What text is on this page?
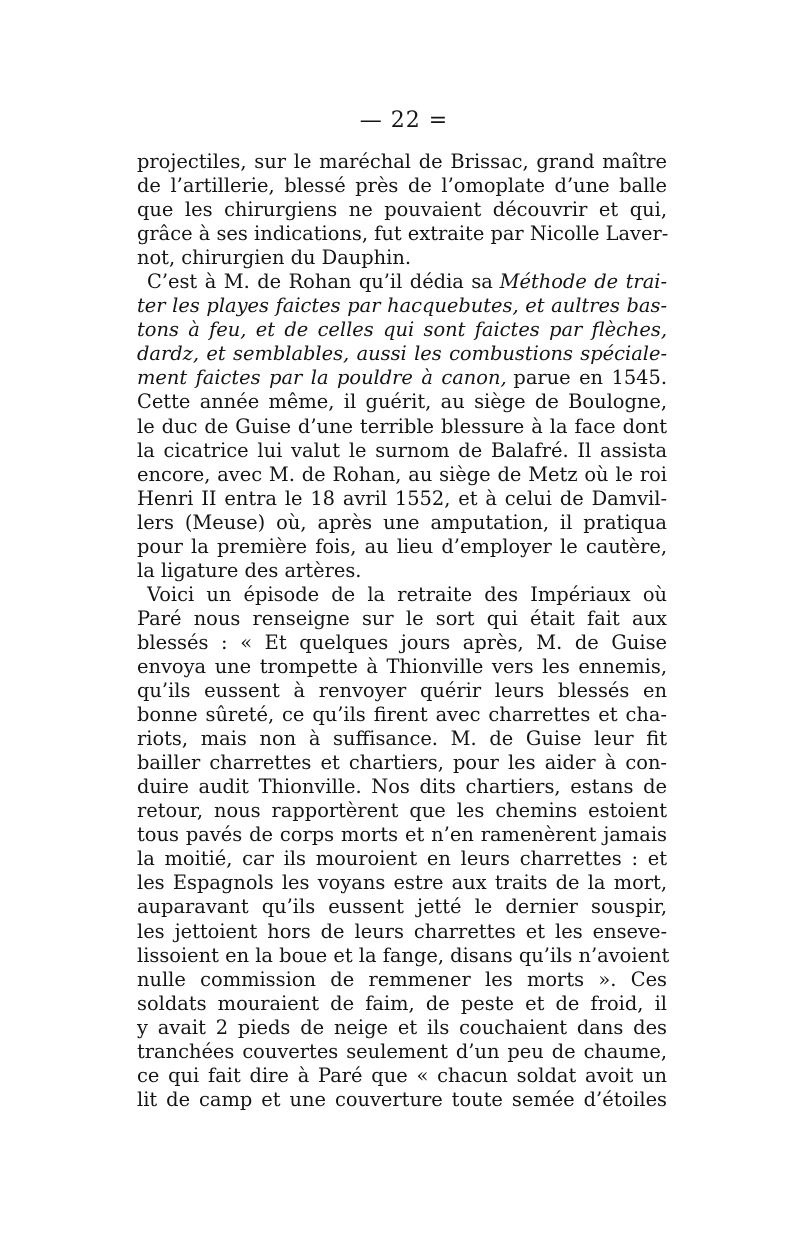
— 22 =
projectiles, sur le maréchal de Brissac, grand maître
de l’artillerie, blessé près de l’omoplate d’une balle
que les chirurgiens ne pouvaient découvrir et qui,
grâce à ses indications, fut extraite par Nicolle Laver-
not, chirurgien du Dauphin.
C’est à M. de Rohan qu’il dédia sa Méthode de trai-
ter les playes faictes par hacquebutes, et aultres bas-
tons à feu, et de celles qui sont faictes par flèches,
dardz, et semblables, aussi les combustions spéciale-
ment faictes par la pouldre à canon, parue en 1545.
Cette année même, il guérit, au siège de Boulogne,
le duc de Guise d’une terrible blessure à la face dont
la cicatrice lui valut le surnom de Balafré. Il assista
encore, avec M. de Rohan, au siège de Metz où le roi
Henri II entra le 18 avril 1552, et à celui de Damvil-
lers (Meuse) où, après une amputation, il pratiqua
pour la première fois, au lieu d’employer le cautère,
la ligature des artères.
Voici un épisode de la retraite des Impériaux où
Paré nous renseigne sur le sort qui était fait aux
blessés : « Et quelques jours après, M. de Guise
envoya une trompette à Thionville vers les ennemis,
qu’ils eussent à renvoyer quérir leurs blessés en
bonne sûreté, ce qu’ils firent avec charrettes et cha-
riots, mais non à suffisance. M. de Guise leur fit
bailler charrettes et chartiers, pour les aider à con-
duire audit Thionville. Nos dits chartiers, estans de
retour, nous rapportèrent que les chemins estoient
tous pavés de corps morts et n’en ramenèrent jamais
la moitié, car ils mouroient en leurs charrettes : et
les Espagnols les voyans estre aux traits de la mort,
auparavant qu’ils eussent jetté le dernier souspir,
les jettoient hors de leurs charrettes et les enseve-
lissoient en la boue et la fange, disans qu’ils n’avoient
nulle commission de remmener les morts ». Ces
soldats mouraient de faim, de peste et de froid, il
y avait 2 pieds de neige et ils couchaient dans des
tranchées couvertes seulement d’un peu de chaume,
ce qui fait dire à Paré que « chacun soldat avoit un
lit de camp et une couverture toute semée d’étoiles
